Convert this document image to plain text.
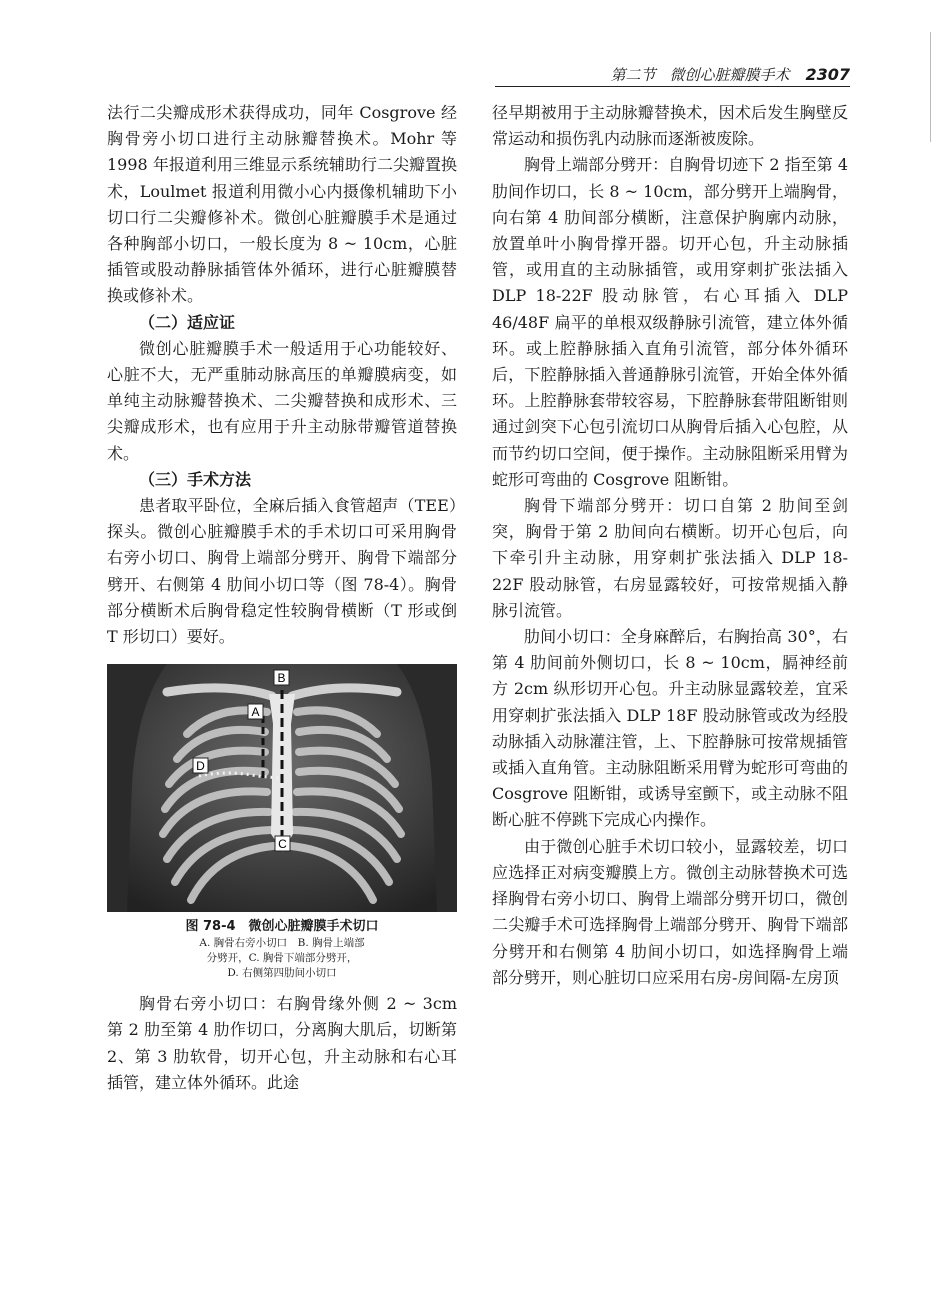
第二节 微创心脏瓣膜手术 2307

法行二尖瓣成形术获得成功，同年 Cosgrove 经胸骨旁小切口进行主动脉瓣替换术。Mohr 等 1998 年报道利用三维显示系统辅助行二尖瓣置换术，Loulmet 报道利用微小心内摄像机辅助下小切口行二尖瓣修补术。微创心脏瓣膜手术是通过各种胸部小切口，一般长度为 8 ~ 10cm，心脏插管或股动静脉插管体外循环，进行心脏瓣膜替换或修补术。

（二）适应证

微创心脏瓣膜手术一般适用于心功能较好、心脏不大，无严重肺动脉高压的单瓣膜病变，如单纯主动脉瓣替换术、二尖瓣替换和成形术、三尖瓣成形术，也有应用于升主动脉带瓣管道替换术。

（三）手术方法

患者取平卧位，全麻后插入食管超声（TEE）探头。微创心脏瓣膜手术的手术切口可采用胸骨右旁小切口、胸骨上端部分劈开、胸骨下端部分劈开、右侧第 4 肋间小切口等（图 78-4）。胸骨部分横断术后胸骨稳定性较胸骨横断（T 形或倒 T 形切口）要好。

B
A
D
C
图 78-4　微创心脏瓣膜手术切口
A. 胸骨右旁小切口　B. 胸骨上端部
分劈开，C. 胸骨下端部分劈开，
D. 右侧第四肋间小切口

胸骨右旁小切口：右胸骨缘外侧 2 ~ 3cm 第 2 肋至第 4 肋作切口，分离胸大肌后，切断第 2、第 3 肋软骨，切开心包，升主动脉和右心耳插管，建立体外循环。此途

径早期被用于主动脉瓣替换术，因术后发生胸壁反常运动和损伤乳内动脉而逐渐被废除。

胸骨上端部分劈开：自胸骨切迹下 2 指至第 4 肋间作切口，长 8 ~ 10cm，部分劈开上端胸骨，向右第 4 肋间部分横断，注意保护胸廓内动脉，放置单叶小胸骨撑开器。切开心包，升主动脉插管，或用直的主动脉插管，或用穿刺扩张法插入 DLP 18-22F 股动脉管，右心耳插入 DLP 46/48F 扁平的单根双级静脉引流管，建立体外循环。或上腔静脉插入直角引流管，部分体外循环后，下腔静脉插入普通静脉引流管，开始全体外循环。上腔静脉套带较容易，下腔静脉套带阻断钳则通过剑突下心包引流切口从胸骨后插入心包腔，从而节约切口空间，便于操作。主动脉阻断采用臂为蛇形可弯曲的 Cosgrove 阻断钳。

胸骨下端部分劈开：切口自第 2 肋间至剑突，胸骨于第 2 肋间向右横断。切开心包后，向下牵引升主动脉，用穿刺扩张法插入 DLP 18-22F 股动脉管，右房显露较好，可按常规插入静脉引流管。

肋间小切口：全身麻醉后，右胸抬高 30°，右第 4 肋间前外侧切口，长 8 ~ 10cm，膈神经前方 2cm 纵形切开心包。升主动脉显露较差，宜采用穿刺扩张法插入 DLP 18F 股动脉管或改为经股动脉插入动脉灌注管，上、下腔静脉可按常规插管或插入直角管。主动脉阻断采用臂为蛇形可弯曲的 Cosgrove 阻断钳，或诱导室颤下，或主动脉不阻断心脏不停跳下完成心内操作。

由于微创心脏手术切口较小，显露较差，切口应选择正对病变瓣膜上方。微创主动脉替换术可选择胸骨右旁小切口、胸骨上端部分劈开切口，微创二尖瓣手术可选择胸骨上端部分劈开、胸骨下端部分劈开和右侧第 4 肋间小切口，如选择胸骨上端部分劈开，则心脏切口应采用右房-房间隔-左房顶
